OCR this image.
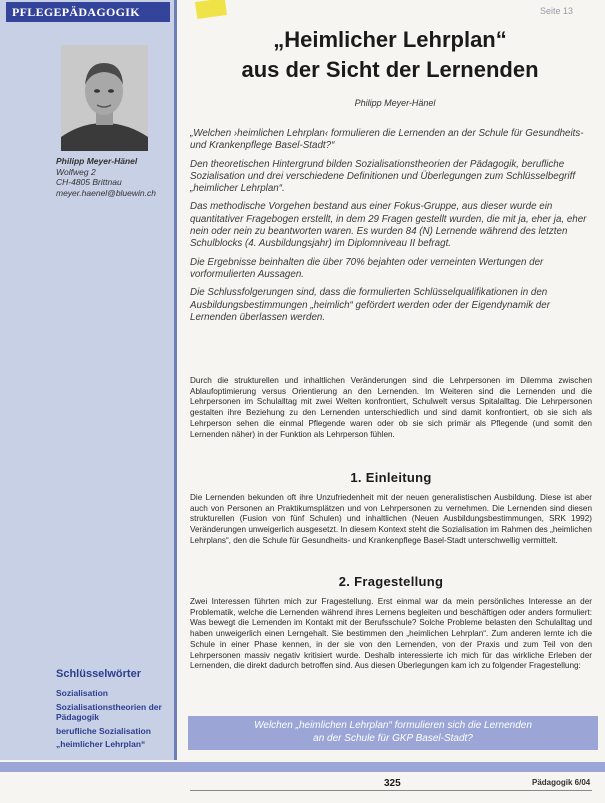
PFLEGEPÄDAGOGIK	Seite 13
Philipp Meyer-Hänel
Wolfweg 2
CH-4805 Brittnau
meyer.haenel@bluewin.ch
„Heimlicher Lehrplan“
aus der Sicht der Lernenden
Philipp Meyer-Hänel

„Welchen ›heimlichen Lehrplan‹ formulieren die Lernenden an der Schule für Gesundheits- und Krankenpflege Basel-Stadt?“

Den theoretischen Hintergrund bilden Sozialisationstheorien der Pädagogik, berufliche Sozialisation und drei verschiedene Definitionen und Überlegungen zum Schlüsselbegriff „heimlicher Lehrplan“.

Das methodische Vorgehen bestand aus einer Fokus-Gruppe, aus dieser wurde ein quantitativer Fragebogen erstellt, in dem 29 Fragen gestellt wurden, die mit ja, eher ja, eher nein oder nein zu beantworten waren. Es wurden 84 (N) Lernende während des letzten Schulblocks (4. Ausbildungsjahr) im Diplomniveau II befragt.

Die Ergebnisse beinhalten die über 70% bejahten oder verneinten Wertungen der vorformulierten Aussagen.

Die Schlussfolgerungen sind, dass die formulierten Schlüsselqualifikationen in den Ausbildungsbestimmungen „heimlich“ gefördert werden oder der Eigendynamik der Lernenden überlassen werden.

Durch die strukturellen und inhaltlichen Veränderungen sind die Lehrpersonen im Dilemma zwischen Ablaufoptimierung versus Orientierung an den Lernenden. Im Weiteren sind die Lernenden und die Lehrpersonen im Schulalltag mit zwei Welten konfrontiert, Schulwelt versus Spitalalltag. Die Lehrpersonen gestalten ihre Beziehung zu den Lernenden unterschiedlich und sind damit konfrontiert, ob sie sich als Lehrperson sehen die einmal Pflegende waren oder ob sie sich primär als Pflegende (und somit den Lernenden näher) in der Funktion als Lehrperson fühlen.

1. Einleitung

Die Lernenden bekunden oft ihre Unzufriedenheit mit der neuen generalistischen Ausbildung. Diese ist aber auch von Personen an Praktikumsplätzen und von Lehrpersonen zu vernehmen. Die Lernenden sind diesen strukturellen (Fusion von fünf Schulen) und inhaltlichen (Neuen Ausbildungsbestimmungen, SRK 1992) Veränderungen unweigerlich ausgesetzt. In diesem Kontext steht die Sozialisation im Rahmen des „heimlichen Lehrplans“, den die Schule für Gesundheits- und Krankenpflege Basel-Stadt unterschwellig vermittelt.

2. Fragestellung

Zwei Interessen führten mich zur Fragestellung. Erst einmal war da mein persönliches Interesse an der Problematik, welche die Lernenden während ihres Lernens begleiten und beschäftigen oder anders formuliert: Was bewegt die Lernenden im Kontakt mit der Berufsschule? Solche Probleme belasten den Schulalltag und haben unweigerlich einen Lerngehalt. Sie bestimmen den „heimlichen Lehrplan“. Zum anderen lernte ich die Schule in einer Phase kennen, in der sie von den Lernenden, von der Praxis und zum Teil von den Lehrpersonen massiv negativ kritisiert wurde. Deshalb interessierte ich mich für das wirkliche Erleben der Lernenden, die direkt dadurch betroffen sind. Aus diesen Überlegungen kam ich zu folgender Fragestellung:

Schlüsselwörter
Sozialisation
Sozialisationstheorien der Pädagogik
berufliche Sozialisation
„heimlicher Lehrplan“
Welchen „heimlichen Lehrplan“ formulieren sich die Lernenden
an der Schule für GKP Basel-Stadt?
325	Pädagogik 6/04
